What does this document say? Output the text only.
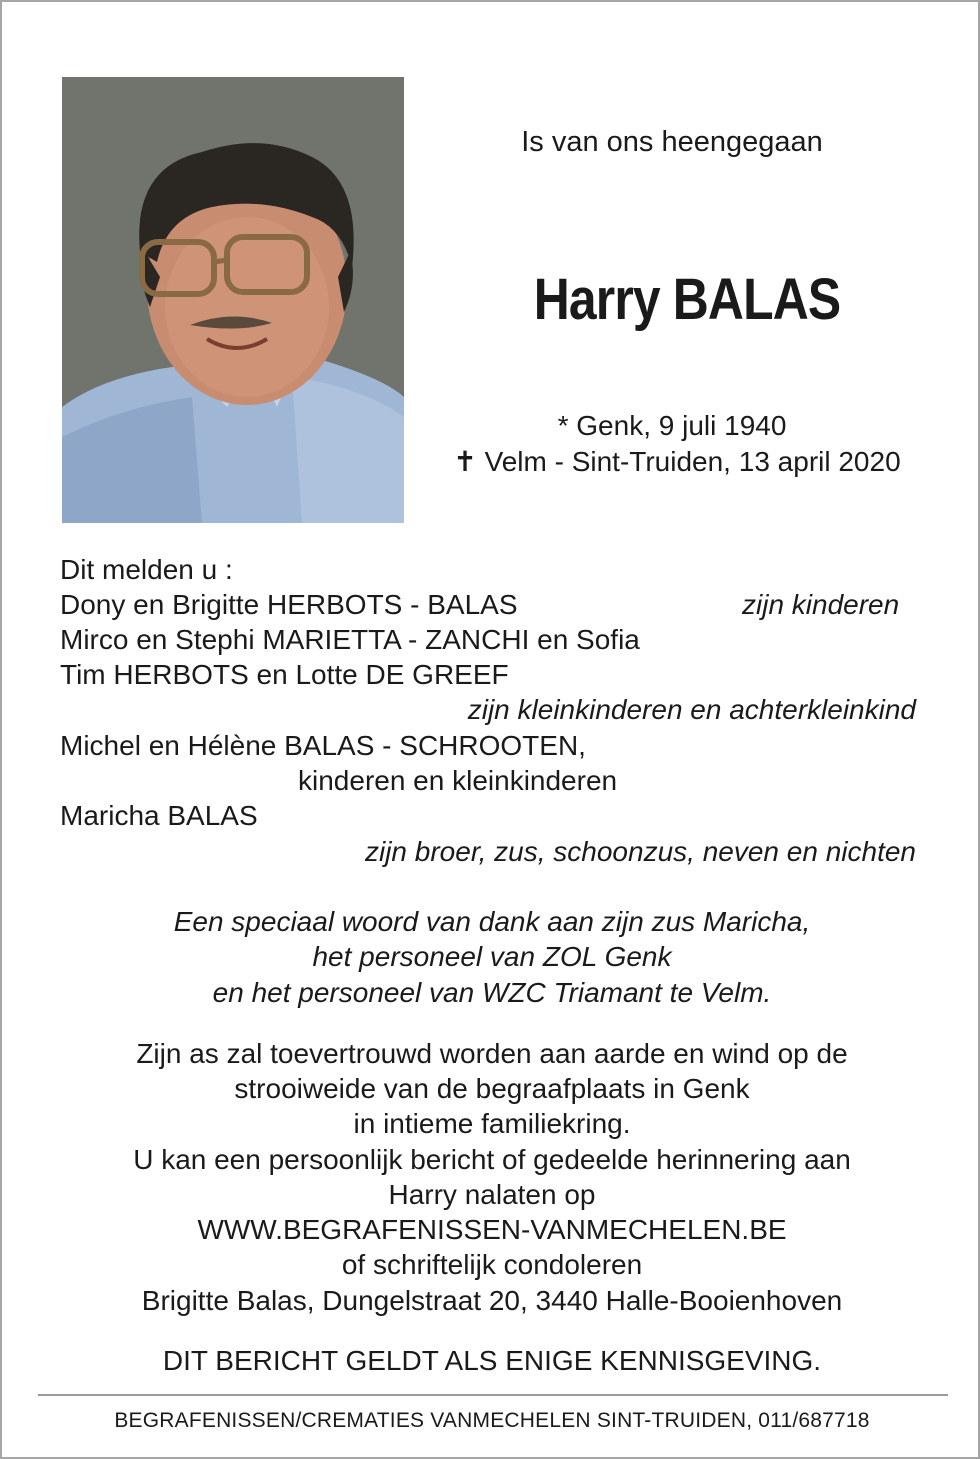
Is van ons heengegaan
Harry BALAS
* Genk, 9 juli 1940
✝ Velm - Sint-Truiden, 13 april 2020
Dit melden u :
Dony en Brigitte HERBOTS - BALAS	zijn kinderen
Mirco en Stephi MARIETTA - ZANCHI en Sofia
Tim HERBOTS en Lotte DE GREEF
zijn kleinkinderen en achterkleinkind
Michel en Hélène BALAS - SCHROOTEN,
kinderen en kleinkinderen
Maricha BALAS
zijn broer, zus, schoonzus, neven en nichten
Een speciaal woord van dank aan zijn zus Maricha,
het personeel van ZOL Genk
en het personeel van WZC Triamant te Velm.
Zijn as zal toevertrouwd worden aan aarde en wind op de
strooiweide van de begraafplaats in Genk
in intieme familiekring.
U kan een persoonlijk bericht of gedeelde herinnering aan
Harry nalaten op
WWW.BEGRAFENISSEN-VANMECHELEN.BE
of schriftelijk condoleren
Brigitte Balas, Dungelstraat 20, 3440 Halle-Booienhoven
DIT BERICHT GELDT ALS ENIGE KENNISGEVING.
BEGRAFENISSEN/CREMATIES VANMECHELEN SINT-TRUIDEN, 011/687718
